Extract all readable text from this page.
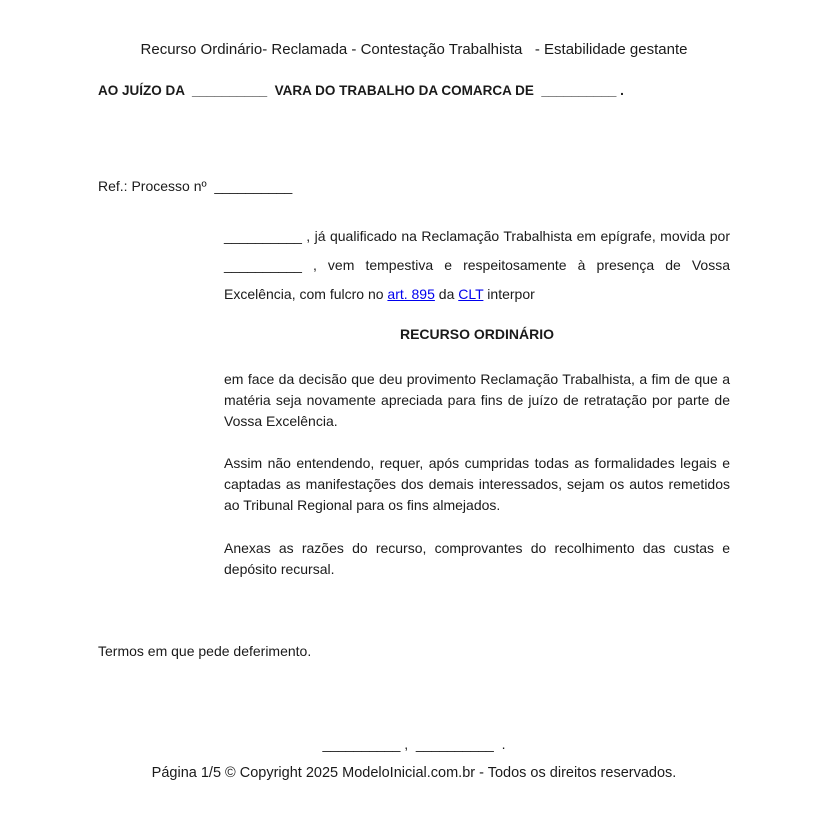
Recurso Ordinário- Reclamada - Contestação Trabalhista   - Estabilidade gestante
AO JUÍZO DA  __________  VARA DO TRABALHO DA COMARCA DE  __________ .
Ref.: Processo nº  __________

__________ , já qualificado na Reclamação Trabalhista em epígrafe, movida por __________ , vem tempestiva e respeitosamente à presença de Vossa Excelência, com fulcro no art. 895 da CLT interpor

RECURSO ORDINÁRIO

em face da decisão que deu provimento Reclamação Trabalhista, a fim de que a matéria seja novamente apreciada para fins de juízo de retratação por parte de Vossa Excelência.

Assim não entendendo, requer, após cumpridas todas as formalidades legais e captadas as manifestações dos demais interessados, sejam os autos remetidos ao Tribunal Regional para os fins almejados.

Anexas as razões do recurso, comprovantes do recolhimento das custas e depósito recursal.

Termos em que pede deferimento.
__________ ,  __________  .
Página 1/5 © Copyright 2025 ModeloInicial.com.br - Todos os direitos reservados.
